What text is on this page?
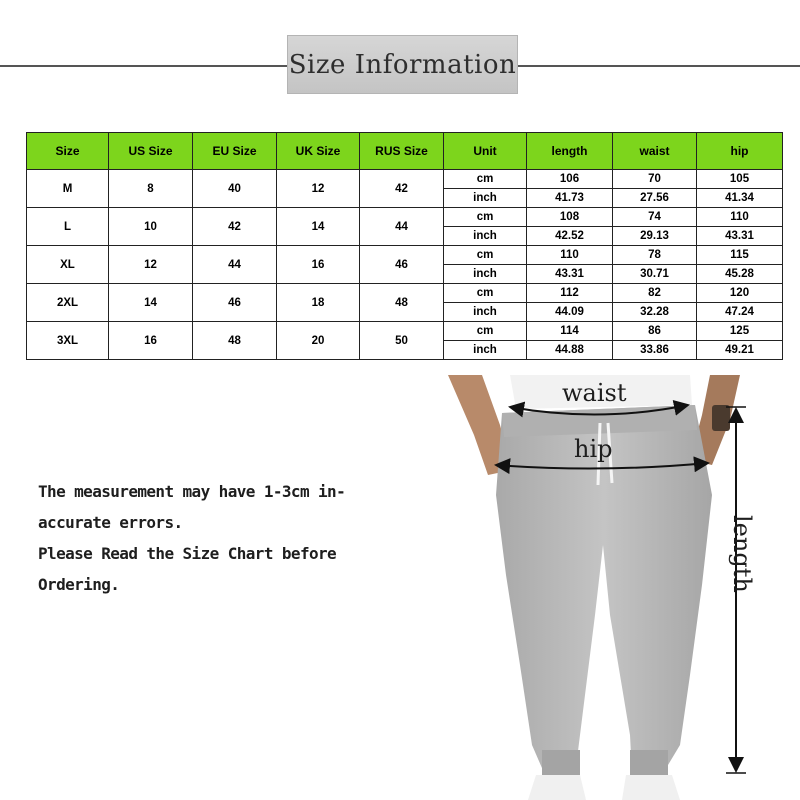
Size Information
Size	US Size	EU Size	UK Size	RUS Size	Unit	length	waist	hip
M	8	40	12	42	cm	106	70	105
					inch	41.73	27.56	41.34
L	10	42	14	44	cm	108	74	110
					inch	42.52	29.13	43.31
XL	12	44	16	46	cm	110	78	115
					inch	43.31	30.71	45.28
2XL	14	46	18	48	cm	112	82	120
					inch	44.09	32.28	47.24
3XL	16	48	20	50	cm	114	86	125
					inch	44.88	33.86	49.21
The measurement may have 1-3cm in-
accurate errors.
Please Read the Size Chart before
Ordering.
waist
hip
length
